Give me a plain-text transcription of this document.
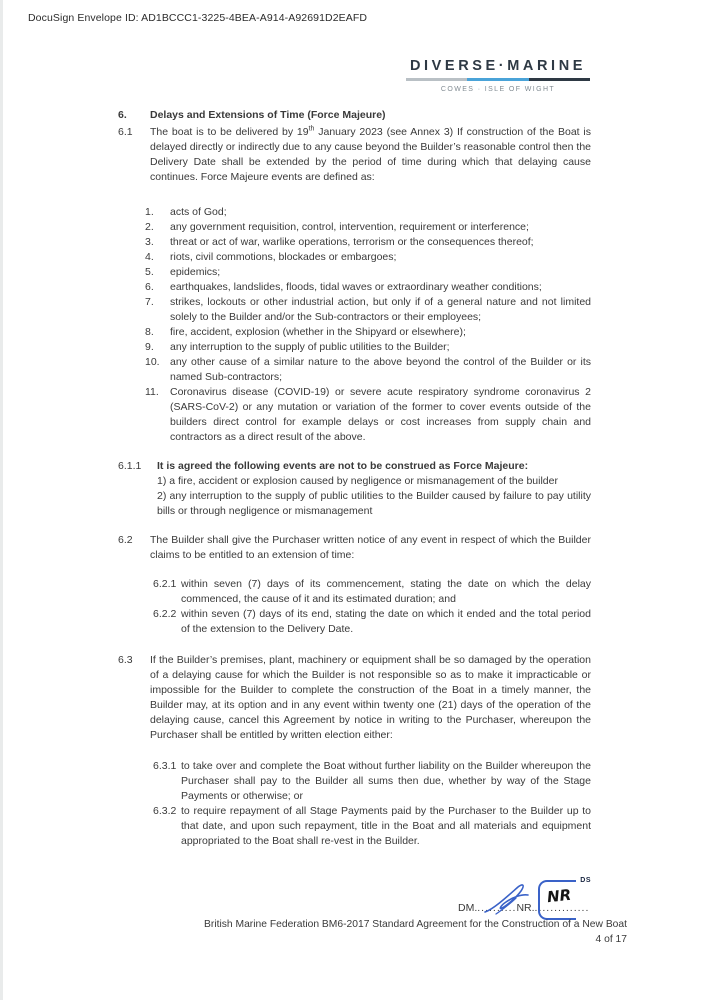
DocuSign Envelope ID: AD1BCCC1-3225-4BEA-A914-A92691D2EAFD
DIVERSE·MARINE
COWES · ISLE OF WIGHT
6.	Delays and Extensions of Time (Force Majeure)
6.1	The boat is to be delivered by 19th January 2023 (see Annex 3) If construction of the Boat is delayed directly or indirectly due to any cause beyond the Builder’s reasonable control then the Delivery Date shall be extended by the period of time during which that delaying cause continues. Force Majeure events are defined as:
1.	acts of God;
2.	any government requisition, control, intervention, requirement or interference;
3.	threat or act of war, warlike operations, terrorism or the consequences thereof;
4.	riots, civil commotions, blockades or embargoes;
5.	epidemics;
6.	earthquakes, landslides, floods, tidal waves or extraordinary weather conditions;
7.	strikes, lockouts or other industrial action, but only if of a general nature and not limited solely to the Builder and/or the Sub-contractors or their employees;
8.	fire, accident, explosion (whether in the Shipyard or elsewhere);
9.	any interruption to the supply of public utilities to the Builder;
10. any other cause of a similar nature to the above beyond the control of the Builder or its named Sub-contractors;
11.	Coronavirus disease (COVID-19) or severe acute respiratory syndrome coronavirus 2 (SARS-CoV-2) or any mutation or variation of the former to cover events outside of the builders direct control for example delays or cost increases from supply chain and contractors as a direct result of the above.
6.1.1	It is agreed the following events are not to be construed as Force Majeure:
1) a fire, accident or explosion caused by negligence or mismanagement of the builder
2) any interruption to the supply of public utilities to the Builder caused by failure to pay utility bills or through negligence or mismanagement
6.2	The Builder shall give the Purchaser written notice of any event in respect of which the Builder claims to be entitled to an extension of time:
6.2.1 within seven (7) days of its commencement, stating the date on which the delay commenced, the cause of it and its estimated duration; and
6.2.2 within seven (7) days of its end, stating the date on which it ended and the total period of the extension to the Delivery Date.
6.3	If the Builder’s premises, plant, machinery or equipment shall be so damaged by the operation of a delaying cause for which the Builder is not responsible so as to make it impracticable or impossible for the Builder to complete the construction of the Boat in a timely manner, the Builder may, at its option and in any event within twenty one (21) days of the operation of the delaying cause, cancel this Agreement by notice in writing to the Purchaser, whereupon the Purchaser shall be entitled by written election either:
6.3.1 to take over and complete the Boat without further liability on the Builder whereupon the Purchaser shall pay to the Builder all sums then due, whether by way of the Stage Payments or otherwise; or
6.3.2 to require repayment of all Stage Payments paid by the Purchaser to the Builder up to that date, and upon such repayment, title in the Boat and all materials and equipment appropriated to the Boat shall re-vest in the Builder.
DM...........NR...............
DS
NR
British Marine Federation BM6-2017 Standard Agreement for the Construction of a New Boat
4 of 17
